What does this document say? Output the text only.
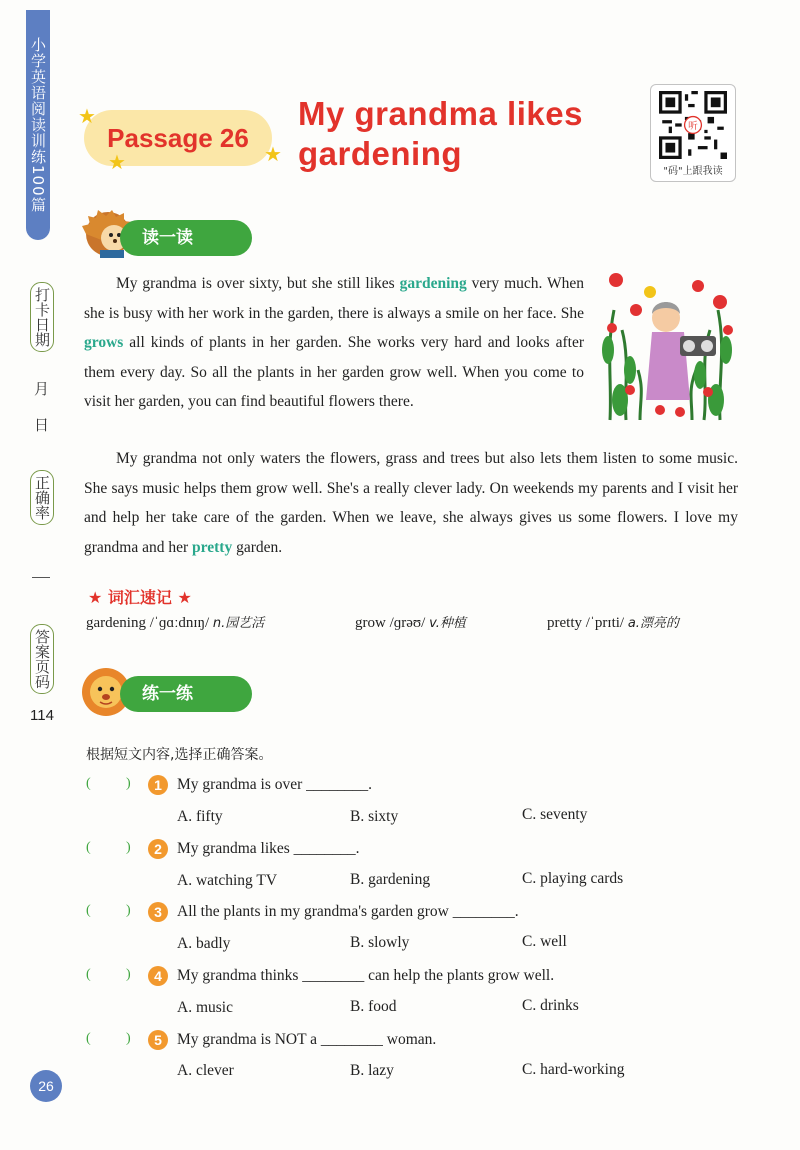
小学英语阅读训练100篇
打卡日期
月
日
正确率
答案页码
114
Passage 26
★
★	★
My grandma likes gardening
听
"码"上跟我读
读一读
My grandma is over sixty, but she still likes gardening very much. When she is busy with her work in the garden, there is always a smile on her face. She grows all kinds of plants in her garden. She works very hard and looks after them every day. So all the plants in her garden grow well. When you come to visit her garden, you can find beautiful flowers there.
My grandma not only waters the flowers, grass and trees but also lets them listen to some music. She says music helps them grow well. She's a really clever lady. On weekends my parents and I visit her and help her take care of the garden. When we leave, she always gives us some flowers. I love my grandma and her pretty garden.
★ 词汇速记 ★
gardening /ˈɡɑːdnɪŋ/ n.园艺活	grow /ɡrəʊ/ v.种植	pretty /ˈprɪti/ a.漂亮的
练一练
根据短文内容,选择正确答案。
(	)	1 My grandma is over ________.
A. fifty	B. sixty	C. seventy
(	)	2 My grandma likes ________.
A. watching TV	B. gardening	C. playing cards
(	)	3 All the plants in my grandma's garden grow ________.
A. badly	B. slowly	C. well
(	)	4 My grandma thinks ________ can help the plants grow well.
A. music	B. food	C. drinks
(	)	5 My grandma is NOT a ________ woman.
A. clever	B. lazy	C. hard-working
26
